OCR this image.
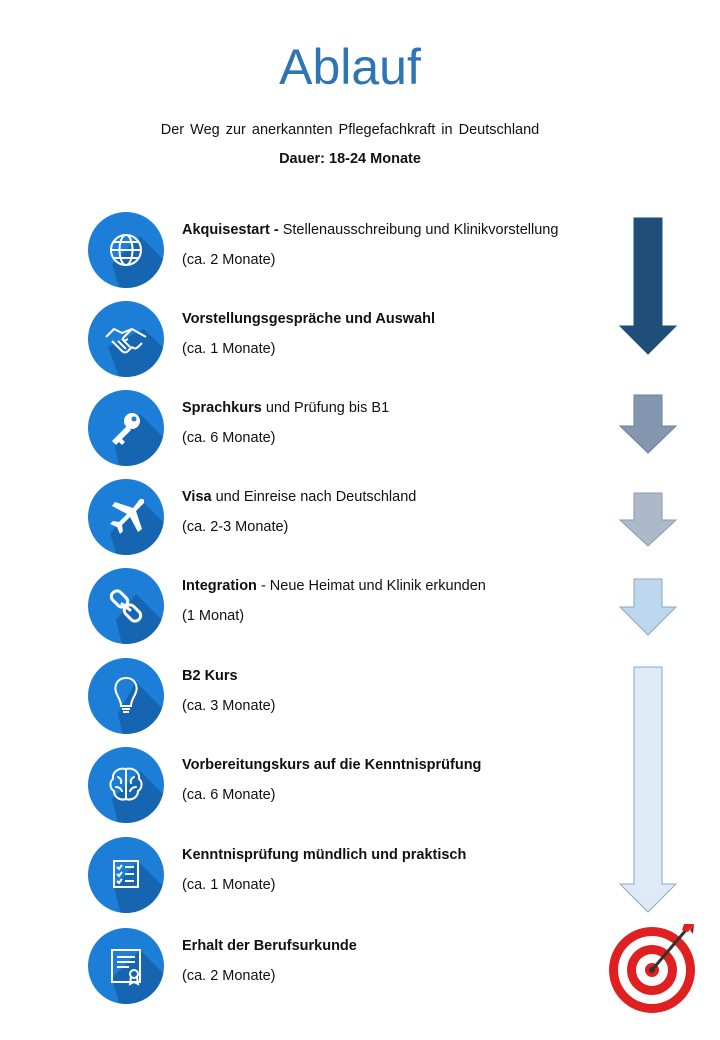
Ablauf
Der Weg zur anerkannten Pflegefachkraft in Deutschland
Dauer: 18-24 Monate
Akquisestart - Stellenausschreibung und Klinikvorstellung
(ca. 2 Monate)
Vorstellungsgespräche und Auswahl
(ca. 1 Monate)
Sprachkurs und Prüfung bis B1
(ca. 6 Monate)
Visa und Einreise nach Deutschland
(ca. 2-3 Monate)
Integration - Neue Heimat und Klinik erkunden
(1 Monat)
B2 Kurs
(ca. 3 Monate)
Vorbereitungskurs auf die Kenntnisprüfung
(ca. 6 Monate)
Kenntnisprüfung mündlich und praktisch
(ca. 1 Monate)
Erhalt der Berufsurkunde
(ca. 2 Monate)
